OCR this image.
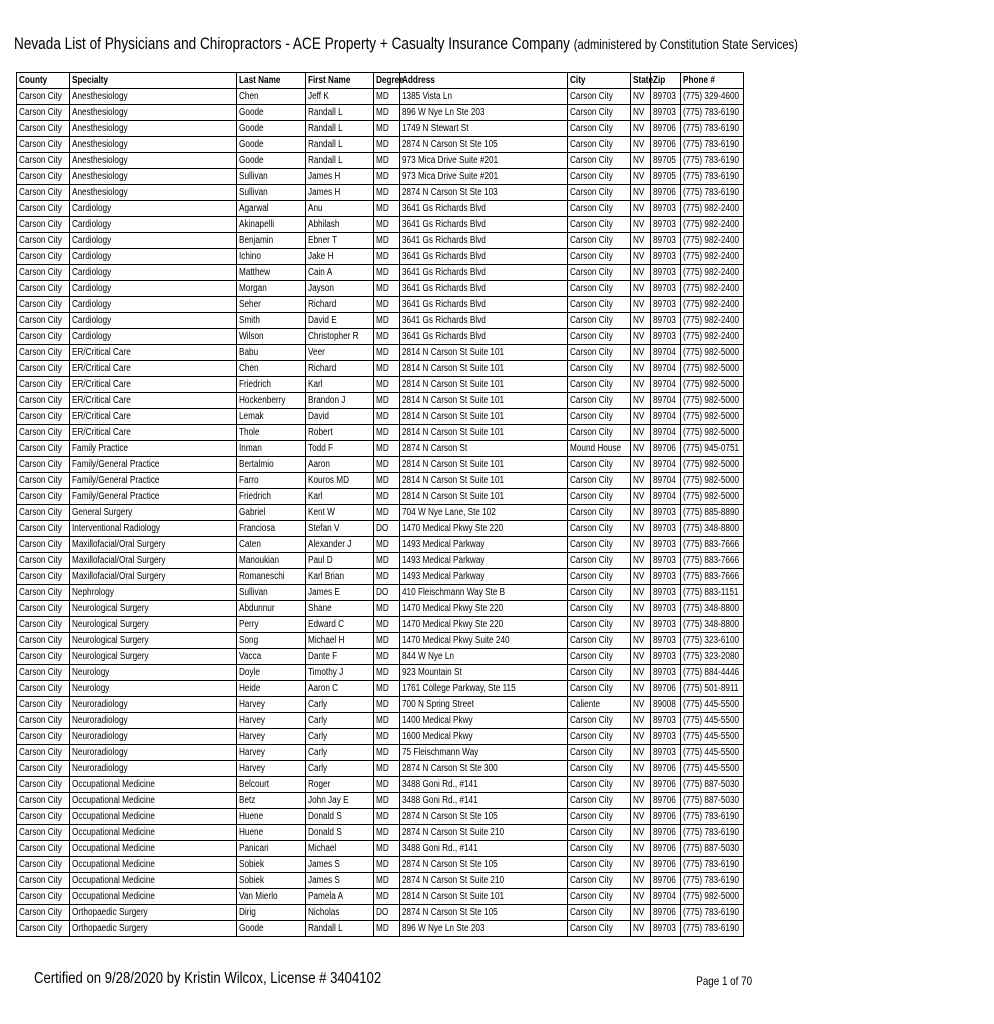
Nevada List of Physicians and Chiropractors - ACE Property + Casualty Insurance Company (administered by Constitution State Services)
County	Specialty	Last Name	First Name	Degree	Address	City	State	Zip	Phone #
Carson City	Anesthesiology	Chen	Jeff K	MD	1385 Vista Ln	Carson City	NV	89703	(775) 329-4600
Carson City	Anesthesiology	Goode	Randall L	MD	896 W Nye Ln Ste 203	Carson City	NV	89703	(775) 783-6190
Carson City	Anesthesiology	Goode	Randall L	MD	1749 N Stewart St	Carson City	NV	89706	(775) 783-6190
Carson City	Anesthesiology	Goode	Randall L	MD	2874 N Carson St Ste 105	Carson City	NV	89706	(775) 783-6190
Carson City	Anesthesiology	Goode	Randall L	MD	973 Mica Drive Suite #201	Carson City	NV	89705	(775) 783-6190
Carson City	Anesthesiology	Sullivan	James H	MD	973 Mica Drive Suite #201	Carson City	NV	89705	(775) 783-6190
Carson City	Anesthesiology	Sullivan	James H	MD	2874 N Carson St Ste 103	Carson City	NV	89706	(775) 783-6190
Carson City	Cardiology	Agarwal	Anu	MD	3641 Gs Richards Blvd	Carson City	NV	89703	(775) 982-2400
Carson City	Cardiology	Akinapelli	Abhilash	MD	3641 Gs Richards Blvd	Carson City	NV	89703	(775) 982-2400
Carson City	Cardiology	Benjamin	Ebner T	MD	3641 Gs Richards Blvd	Carson City	NV	89703	(775) 982-2400
Carson City	Cardiology	Ichino	Jake H	MD	3641 Gs Richards Blvd	Carson City	NV	89703	(775) 982-2400
Carson City	Cardiology	Matthew	Cain A	MD	3641 Gs Richards Blvd	Carson City	NV	89703	(775) 982-2400
Carson City	Cardiology	Morgan	Jayson	MD	3641 Gs Richards Blvd	Carson City	NV	89703	(775) 982-2400
Carson City	Cardiology	Seher	Richard	MD	3641 Gs Richards Blvd	Carson City	NV	89703	(775) 982-2400
Carson City	Cardiology	Smith	David E	MD	3641 Gs Richards Blvd	Carson City	NV	89703	(775) 982-2400
Carson City	Cardiology	Wilson	Christopher R	MD	3641 Gs Richards Blvd	Carson City	NV	89703	(775) 982-2400
Carson City	ER/Critical Care	Babu	Veer	MD	2814 N Carson St Suite 101	Carson City	NV	89704	(775) 982-5000
Carson City	ER/Critical Care	Chen	Richard	MD	2814 N Carson St Suite 101	Carson City	NV	89704	(775) 982-5000
Carson City	ER/Critical Care	Friedrich	Karl	MD	2814 N Carson St Suite 101	Carson City	NV	89704	(775) 982-5000
Carson City	ER/Critical Care	Hockenberry	Brandon J	MD	2814 N Carson St Suite 101	Carson City	NV	89704	(775) 982-5000
Carson City	ER/Critical Care	Lemak	David	MD	2814 N Carson St Suite 101	Carson City	NV	89704	(775) 982-5000
Carson City	ER/Critical Care	Thole	Robert	MD	2814 N Carson St Suite 101	Carson City	NV	89704	(775) 982-5000
Carson City	Family Practice	Inman	Todd F	MD	2874 N Carson St	Mound House	NV	89706	(775) 945-0751
Carson City	Family/General Practice	Bertalmio	Aaron	MD	2814 N Carson St Suite 101	Carson City	NV	89704	(775) 982-5000
Carson City	Family/General Practice	Farro	Kouros MD	MD	2814 N Carson St Suite 101	Carson City	NV	89704	(775) 982-5000
Carson City	Family/General Practice	Friedrich	Karl	MD	2814 N Carson St Suite 101	Carson City	NV	89704	(775) 982-5000
Carson City	General Surgery	Gabriel	Kent W	MD	704 W Nye Lane, Ste 102	Carson City	NV	89703	(775) 885-8890
Carson City	Interventional Radiology	Franciosa	Stefan V	DO	1470 Medical Pkwy Ste 220	Carson City	NV	89703	(775) 348-8800
Carson City	Maxillofacial/Oral Surgery	Caten	Alexander J	MD	1493 Medical Parkway	Carson City	NV	89703	(775) 883-7666
Carson City	Maxillofacial/Oral Surgery	Manoukian	Paul D	MD	1493 Medical Parkway	Carson City	NV	89703	(775) 883-7666
Carson City	Maxillofacial/Oral Surgery	Romaneschi	Karl Brian	MD	1493 Medical Parkway	Carson City	NV	89703	(775) 883-7666
Carson City	Nephrology	Sullivan	James E	DO	410 Fleischmann Way Ste B	Carson City	NV	89703	(775) 883-1151
Carson City	Neurological Surgery	Abdunnur	Shane	MD	1470 Medical Pkwy Ste 220	Carson City	NV	89703	(775) 348-8800
Carson City	Neurological Surgery	Perry	Edward C	MD	1470 Medical Pkwy Ste 220	Carson City	NV	89703	(775) 348-8800
Carson City	Neurological Surgery	Song	Michael H	MD	1470 Medical Pkwy Suite 240	Carson City	NV	89703	(775) 323-6100
Carson City	Neurological Surgery	Vacca	Dante F	MD	844 W Nye Ln	Carson City	NV	89703	(775) 323-2080
Carson City	Neurology	Doyle	Timothy J	MD	923 Mountain St	Carson City	NV	89703	(775) 884-4446
Carson City	Neurology	Heide	Aaron C	MD	1761 College Parkway, Ste 115	Carson City	NV	89706	(775) 501-8911
Carson City	Neuroradiology	Harvey	Carly	MD	700 N Spring Street	Caliente	NV	89008	(775) 445-5500
Carson City	Neuroradiology	Harvey	Carly	MD	1400 Medical Pkwy	Carson City	NV	89703	(775) 445-5500
Carson City	Neuroradiology	Harvey	Carly	MD	1600 Medical Pkwy	Carson City	NV	89703	(775) 445-5500
Carson City	Neuroradiology	Harvey	Carly	MD	75 Fleischmann Way	Carson City	NV	89703	(775) 445-5500
Carson City	Neuroradiology	Harvey	Carly	MD	2874 N Carson St Ste 300	Carson City	NV	89706	(775) 445-5500
Carson City	Occupational Medicine	Belcourt	Roger	MD	3488 Goni Rd., #141	Carson City	NV	89706	(775) 887-5030
Carson City	Occupational Medicine	Betz	John Jay E	MD	3488 Goni Rd., #141	Carson City	NV	89706	(775) 887-5030
Carson City	Occupational Medicine	Huene	Donald S	MD	2874 N Carson St Ste 105	Carson City	NV	89706	(775) 783-6190
Carson City	Occupational Medicine	Huene	Donald S	MD	2874 N Carson St Suite 210	Carson City	NV	89706	(775) 783-6190
Carson City	Occupational Medicine	Panicari	Michael	MD	3488 Goni Rd., #141	Carson City	NV	89706	(775) 887-5030
Carson City	Occupational Medicine	Sobiek	James S	MD	2874 N Carson St Ste 105	Carson City	NV	89706	(775) 783-6190
Carson City	Occupational Medicine	Sobiek	James S	MD	2874 N Carson St Suite 210	Carson City	NV	89706	(775) 783-6190
Carson City	Occupational Medicine	Van Mierlo	Pamela A	MD	2814 N Carson St Suite 101	Carson City	NV	89704	(775) 982-5000
Carson City	Orthopaedic Surgery	Dirig	Nicholas	DO	2874 N Carson St Ste 105	Carson City	NV	89706	(775) 783-6190
Carson City	Orthopaedic Surgery	Goode	Randall L	MD	896 W Nye Ln Ste 203	Carson City	NV	89703	(775) 783-6190
Certified on 9/28/2020 by Kristin Wilcox, License # 3404102	Page 1 of 70
